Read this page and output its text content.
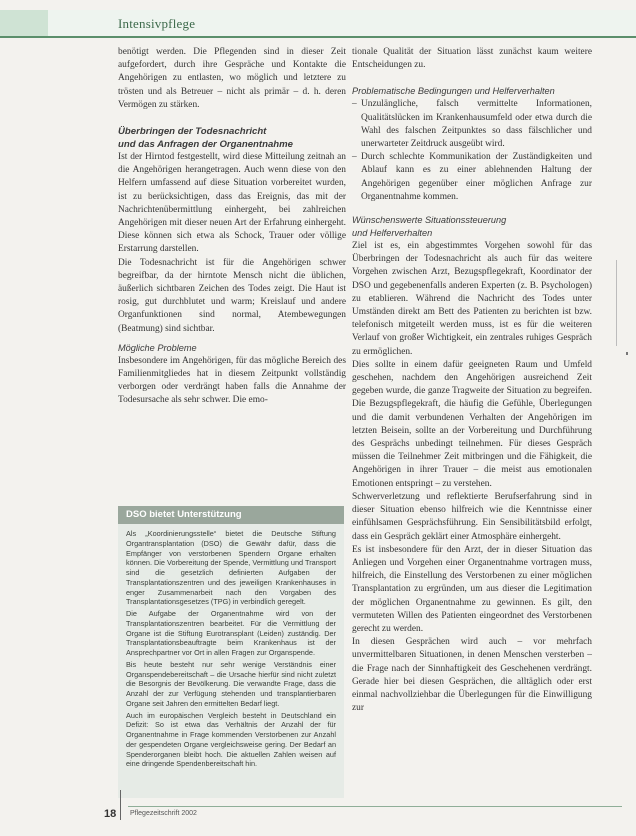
Intensivpflege

benötigt werden. Die Pflegenden sind in dieser Zeit aufgefordert, durch ihre Gespräche und Kontakte die Angehörigen zu entlasten, wo möglich und letztere zu trösten und als Betreuer – nicht als primär – d. h. deren Vermögen zu stärken.

Überbringen der Todesnachricht
und das Anfragen der Organentnahme

Ist der Hirntod festgestellt, wird diese Mitteilung zeitnah an die Angehörigen herangetragen. Auch wenn diese von den Helfern umfassend auf diese Situation vorbereitet wurden, ist zu berücksichtigen, dass das Ereignis, das mit der Nachrichtenübermittlung einhergeht, bei zahlreichen Angehörigen mit dieser neuen Art der Erfahrung einhergeht. Diese können sich etwa als Schock, Trauer oder völlige Erstarrung darstellen.

Die Todesnachricht ist für die Angehörigen schwer begreifbar, da der hirntote Mensch nicht die üblichen, äußerlich sichtbaren Zeichen des Todes zeigt. Die Haut ist rosig, gut durchblutet und warm; Kreislauf und andere Organfunktionen sind normal, Atembewegungen (Beatmung) sind sichtbar.

Mögliche Probleme

Insbesondere im Angehörigen, für das mögliche Bereich des Familienmitgliedes hat in diesem Zeitpunkt vollständig verborgen oder verdrängt haben falls die Annahme der Todesursache als sehr schwer. Die emo-

DSO bietet Unterstützung

Als „Koordinierungsstelle“ bietet die Deutsche Stiftung Organtransplantation (DSO) die Gewähr dafür, dass die Empfänger von verstorbenen Spendern Organe erhalten können. Die Vorbereitung der Spende, Vermittlung und Transport sind die gesetzlich definierten Aufgaben der Transplantationszentren und des jeweiligen Krankenhauses in enger Zusammenarbeit nach den Vorgaben des Transplantationsgesetzes (TPG) in verbindlich geregelt.

Die Aufgabe der Organentnahme wird von der Transplantationszentren bearbeitet. Für die Vermittlung der Organe ist die Stiftung Eurotransplant (Leiden) zuständig. Der Transplantationsbeauftragte beim Krankenhaus ist der Ansprechpartner vor Ort in allen Fragen zur Organspende.

Bis heute besteht nur sehr wenige Verständnis einer Organspendebereitschaft – die Ursache hierfür sind nicht zuletzt die Besorgnis der Bevölkerung. Die verwandte Frage, dass die Anzahl der zur Verfügung stehenden und transplantierbaren Organe seit Jahren den ermittelten Bedarf liegt.

Auch im europäischen Vergleich besteht in Deutschland ein Defizit: So ist etwa das Verhältnis der Anzahl der für Organentnahme in Frage kommenden Verstorbenen zur Anzahl der gespendeten Organe vergleichsweise gering. Der Bedarf an Spenderorganen bleibt hoch. Die aktuellen Zahlen weisen auf eine dringende Spendenbereitschaft hin.

tionale Qualität der Situation lässt zunächst kaum weitere Entscheidungen zu.

Problematische Bedingungen und Helferverhalten

– Unzulängliche, falsch vermittelte Informationen, Qualitätslücken im Krankenhausumfeld oder etwa durch die Wahl des falschen Zeitpunktes so dass fälschlicher und unerwarteter Zeitdruck ausgeübt wird.

– Durch schlechte Kommunikation der Zuständigkeiten und Ablauf kann es zu einer ablehnenden Haltung der Angehörigen gegenüber einer möglichen Anfrage zur Organentnahme kommen.

Wünschenswerte Situationssteuerung
und Helferverhalten

Ziel ist es, ein abgestimmtes Vorgehen sowohl für das Überbringen der Todesnachricht als auch für das weitere Vorgehen zwischen Arzt, Bezugspflegekraft, Koordinator der DSO und gegebenenfalls anderen Experten (z. B. Psychologen) zu etablieren. Während die Nachricht des Todes unter Umständen direkt am Bett des Patienten zu berichten ist bzw. telefonisch mitgeteilt werden muss, ist es für die weiteren Verlauf von großer Wichtigkeit, ein zentrales ruhiges Gespräch zu ermöglichen.

Dies sollte in einem dafür geeigneten Raum und Umfeld geschehen, nachdem den Angehörigen ausreichend Zeit gegeben wurde, die ganze Tragweite der Situation zu begreifen. Die Bezugspflegekraft, die häufig die Gefühle, Überlegungen und die damit verbundenen Verhalten der Angehörigen im letzten Beisein, sollte an der Vorbereitung und Durchführung des Gesprächs unbedingt teilnehmen. Für dieses Gespräch müssen die Teilnehmer Zeit mitbringen und die Fähigkeit, die Angehörigen in ihrer Trauer – die meist aus emotionalen Emotionen entspringt – zu verstehen.

Schwerverletzung und reflektierte Berufserfahrung sind in dieser Situation ebenso hilfreich wie die Kenntnisse einer einfühlsamen Gesprächsführung. Ein Sensibilitätsbild erfolgt, dass ein Gespräch geklärt einer Atmosphäre einhergeht.

Es ist insbesondere für den Arzt, der in dieser Situation das Anliegen und Vorgehen einer Organentnahme vortragen muss, hilfreich, die Einstellung des Verstorbenen zu einer möglichen Transplantation zu ergründen, um aus dieser die Legitimation der möglichen Organentnahme zu gewinnen. Es gilt, den vermuteten Willen des Patienten eingeordnet des Verstorbenen gerecht zu werden.

In diesen Gesprächen wird auch – vor mehrfach unvermittelbaren Situationen, in denen Menschen versterben – die Frage nach der Sinnhaftigkeit des Geschehenen verdrängt. Gerade hier bei diesen Gesprächen, die alltäglich oder erst einmal nachvollziehbar die Überlegungen für die Einwilligung zur

18 Pflegezeitschrift 2002
